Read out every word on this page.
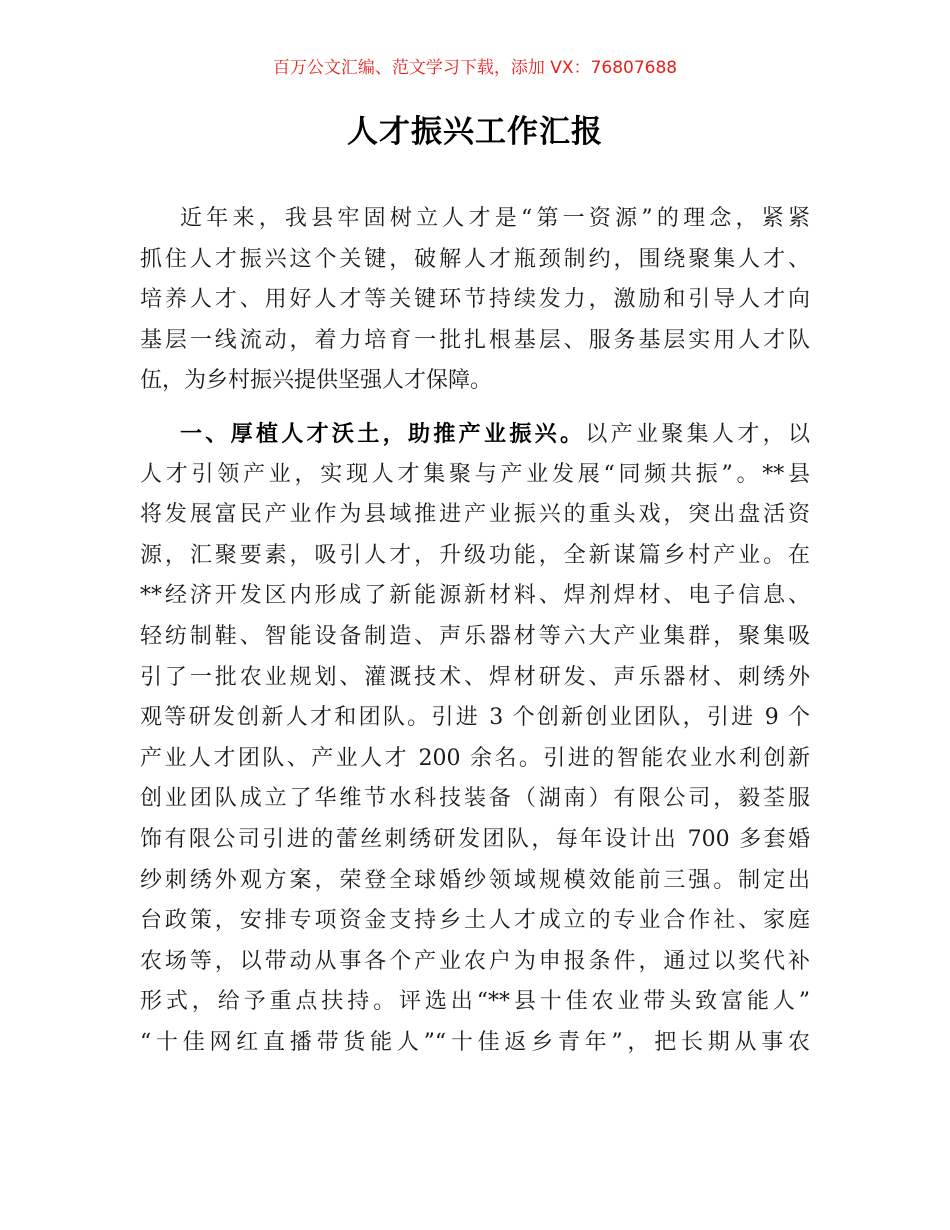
百万公文汇编、范文学习下载，添加 VX：76807688
人才振兴工作汇报
近年来，我县牢固树立人才是“第一资源”的理念，紧紧
抓住人才振兴这个关键，破解人才瓶颈制约，围绕聚集人才、
培养人才、用好人才等关键环节持续发力，激励和引导人才向
基层一线流动，着力培育一批扎根基层、服务基层实用人才队
伍，为乡村振兴提供坚强人才保障。
一、厚植人才沃土，助推产业振兴。以产业聚集人才，以
人才引领产业，实现人才集聚与产业发展“同频共振”。**县
将发展富民产业作为县域推进产业振兴的重头戏，突出盘活资
源，汇聚要素，吸引人才，升级功能，全新谋篇乡村产业。在
**经济开发区内形成了新能源新材料、焊剂焊材、电子信息、
轻纺制鞋、智能设备制造、声乐器材等六大产业集群，聚集吸
引了一批农业规划、灌溉技术、焊材研发、声乐器材、刺绣外
观等研发创新人才和团队。引进 3 个创新创业团队，引进 9 个
产业人才团队、产业人才 200 余名。引进的智能农业水利创新
创业团队成立了华维节水科技装备（湖南）有限公司，毅荃服
饰有限公司引进的蕾丝刺绣研发团队，每年设计出 700 多套婚
纱刺绣外观方案，荣登全球婚纱领域规模效能前三强。制定出
台政策，安排专项资金支持乡土人才成立的专业合作社、家庭
农场等，以带动从事各个产业农户为申报条件，通过以奖代补
形式，给予重点扶持。评选出“**县十佳农业带头致富能人”
“十佳网红直播带货能人”“十佳返乡青年”，把长期从事农
